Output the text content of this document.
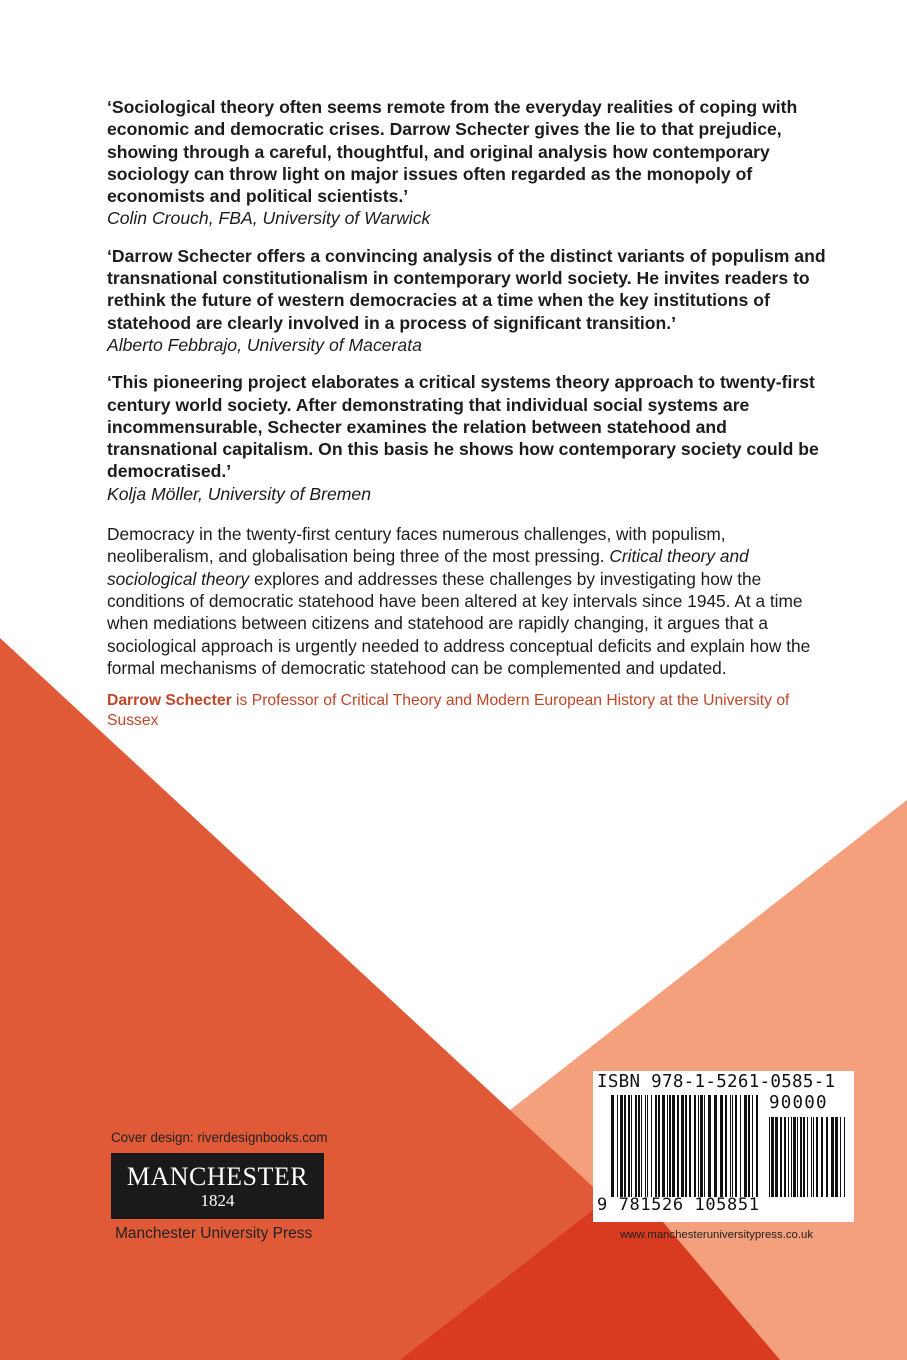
‘Sociological theory often seems remote from the everyday realities of coping with economic and democratic crises. Darrow Schecter gives the lie to that prejudice, showing through a careful, thoughtful, and original analysis how contemporary sociology can throw light on major issues often regarded as the monopoly of economists and political scientists.’

Colin Crouch, FBA, University of Warwick

‘Darrow Schecter offers a convincing analysis of the distinct variants of populism and transnational constitutionalism in contemporary world society. He invites readers to rethink the future of western democracies at a time when the key institutions of statehood are clearly involved in a process of significant transition.’

Alberto Febbrajo, University of Macerata

‘This pioneering project elaborates a critical systems theory approach to twenty-first century world society. After demonstrating that individual social systems are incommensurable, Schecter examines the relation between statehood and transnational capitalism. On this basis he shows how contemporary society could be democratised.’

Kolja Möller, University of Bremen

Democracy in the twenty-first century faces numerous challenges, with populism, neoliberalism, and globalisation being three of the most pressing. Critical theory and sociological theory explores and addresses these challenges by investigating how the conditions of democratic statehood have been altered at key intervals since 1945. At a time when mediations between citizens and statehood are rapidly changing, it argues that a sociological approach is urgently needed to address conceptual deficits and explain how the formal mechanisms of democratic statehood can be complemented and updated.

Darrow Schecter is Professor of Critical Theory and Modern European History at the University of Sussex

Cover design: riverdesignbooks.com
MANCHESTER
1824
Manchester University Press
ISBN 978-1-5261-0585-1
90000
9 781526 105851
www.manchesteruniversitypress.co.uk
